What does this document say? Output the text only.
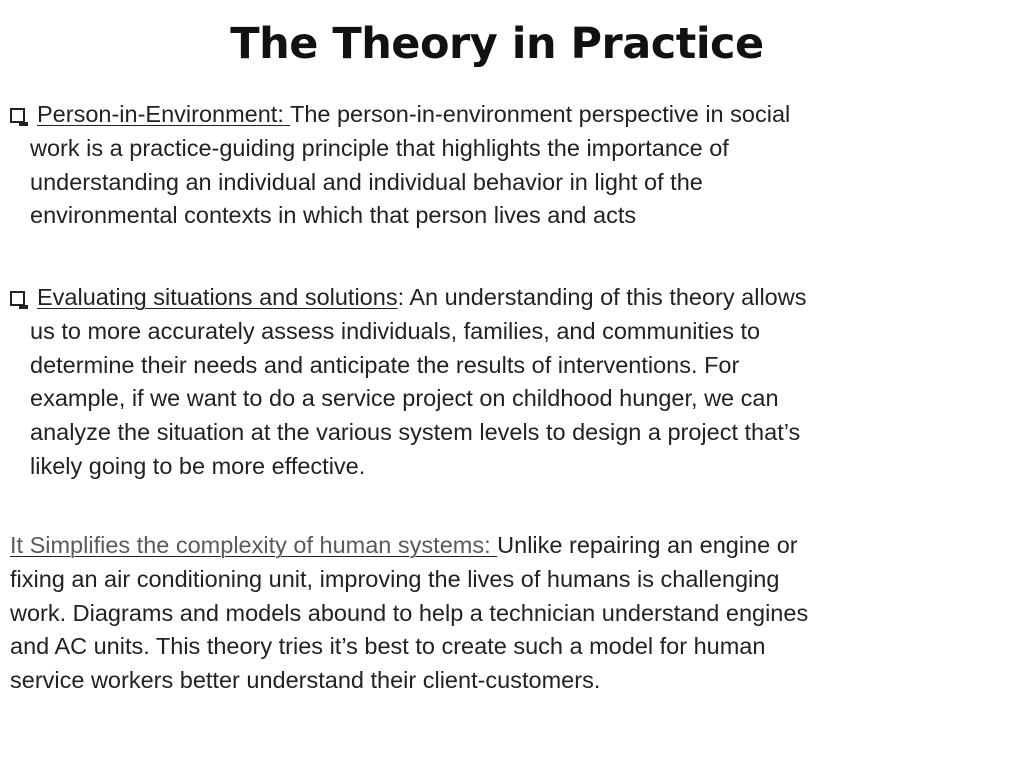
The Theory in Practice
Person-in-Environment: The person-in-environment perspective in social
work is a practice-guiding principle that highlights the importance of
understanding an individual and individual behavior in light of the
environmental contexts in which that person lives and acts
Evaluating situations and solutions: An understanding of this theory allows
us to more accurately assess individuals, families, and communities to
determine their needs and anticipate the results of interventions. For
example, if we want to do a service project on childhood hunger, we can
analyze the situation at the various system levels to design a project that’s
likely going to be more effective.
It Simplifies the complexity of human systems: Unlike repairing an engine or
fixing an air conditioning unit, improving the lives of humans is challenging
work. Diagrams and models abound to help a technician understand engines
and AC units. This theory tries it’s best to create such a model for human
service workers better understand their client-customers.
